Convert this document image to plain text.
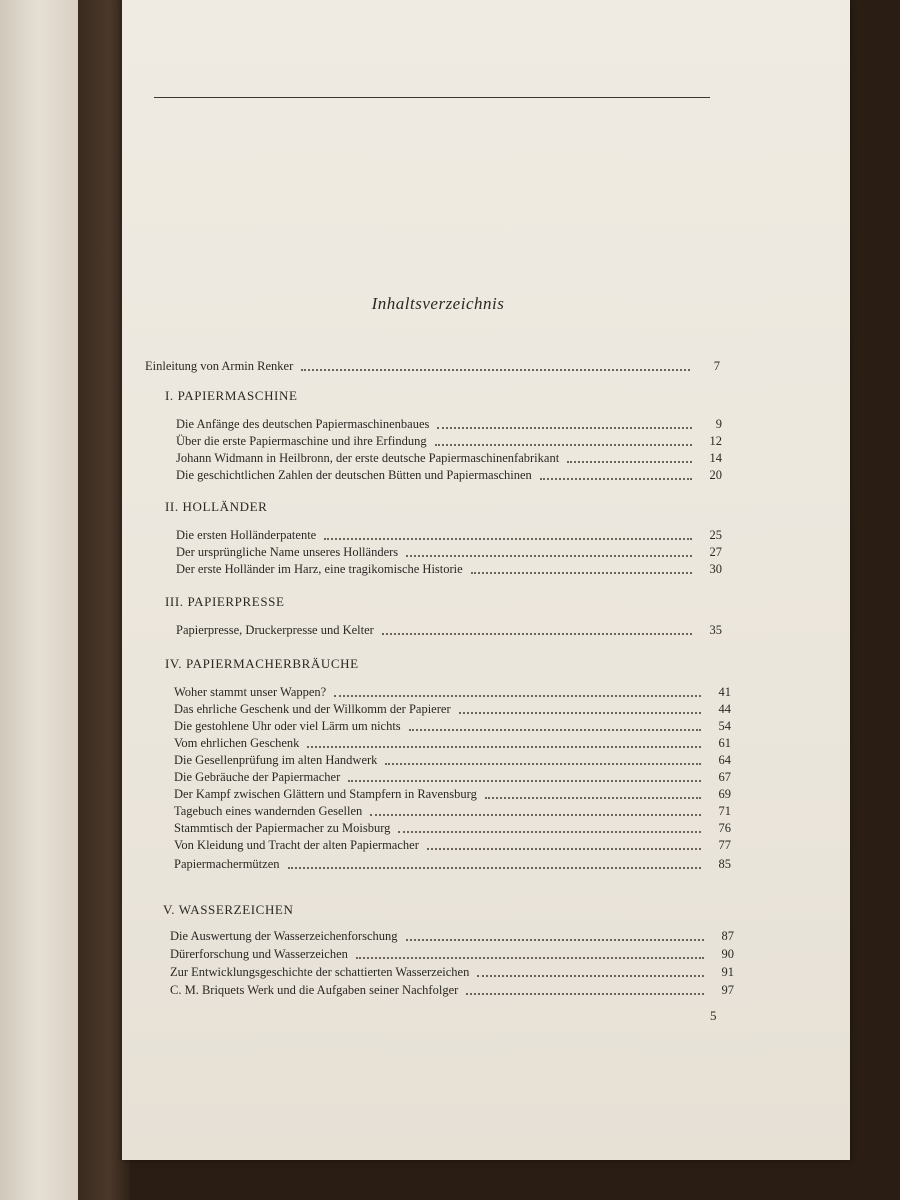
Inhaltsverzeichnis
Einleitung von Armin Renker	7
I. PAPIERMASCHINE
Die Anfänge des deutschen Papiermaschinenbaues	9
Über die erste Papiermaschine und ihre Erfindung	12
Johann Widmann in Heilbronn, der erste deutsche Papiermaschinenfabrikant	14
Die geschichtlichen Zahlen der deutschen Bütten und Papiermaschinen	20
II. HOLLÄNDER
Die ersten Holländerpatente	25
Der ursprüngliche Name unseres Holländers	27
Der erste Holländer im Harz, eine tragikomische Historie	30
III. PAPIERPRESSE
Papierpresse, Druckerpresse und Kelter	35
IV. PAPIERMACHERBRÄUCHE
Woher stammt unser Wappen?	41
Das ehrliche Geschenk und der Willkomm der Papierer	44
Die gestohlene Uhr oder viel Lärm um nichts	54
Vom ehrlichen Geschenk	61
Die Gesellenprüfung im alten Handwerk	64
Die Gebräuche der Papiermacher	67
Der Kampf zwischen Glättern und Stampfern in Ravensburg	69
Tagebuch eines wandernden Gesellen	71
Stammtisch der Papiermacher zu Moisburg	76
Von Kleidung und Tracht der alten Papiermacher	77
Papiermachermützen	85
V. WASSERZEICHEN
Die Auswertung der Wasserzeichenforschung	87
Dürerforschung und Wasserzeichen	90
Zur Entwicklungsgeschichte der schattierten Wasserzeichen	91
C. M. Briquets Werk und die Aufgaben seiner Nachfolger	97
5
